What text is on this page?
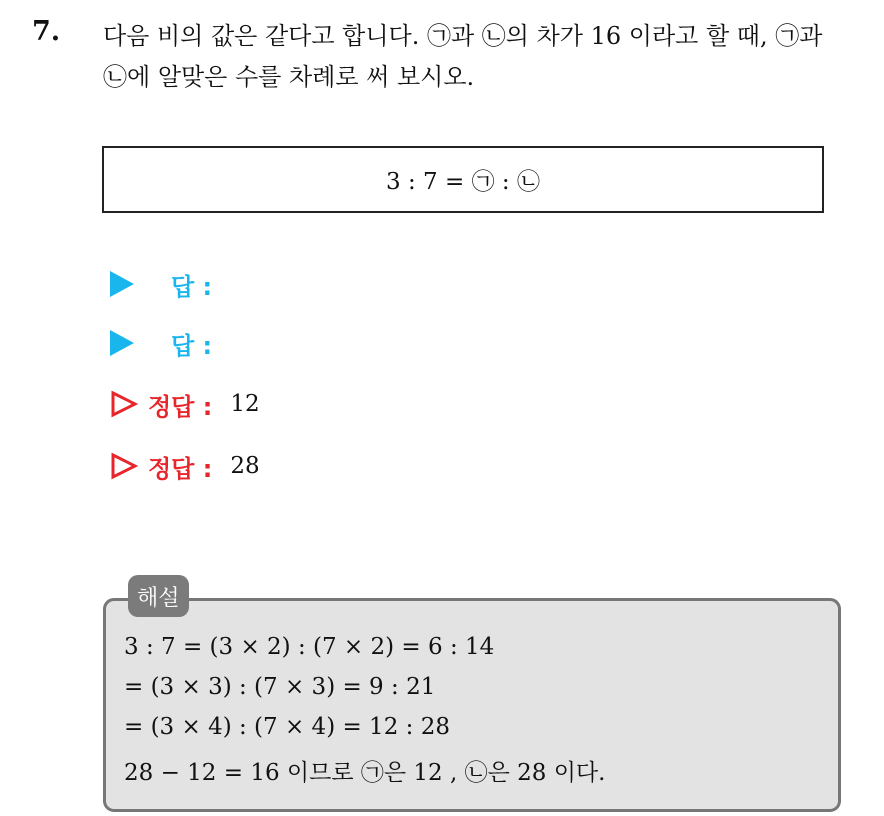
7. 다음 비의 값은 같다고 합니다. ㉠과 ㉡의 차가 16 이라고 할 때, ㉠과
㉡에 알맞은 수를 차례로 써 보시오.
3 : 7 = ㉠ : ㉡
답 :
답 :
정답 : 12
정답 : 28
해설
3 : 7 = (3 × 2) : (7 × 2) = 6 : 14
= (3 × 3) : (7 × 3) = 9 : 21
= (3 × 4) : (7 × 4) = 12 : 28
28 − 12 = 16 이므로 ㉠은 12 , ㉡은 28 이다.
